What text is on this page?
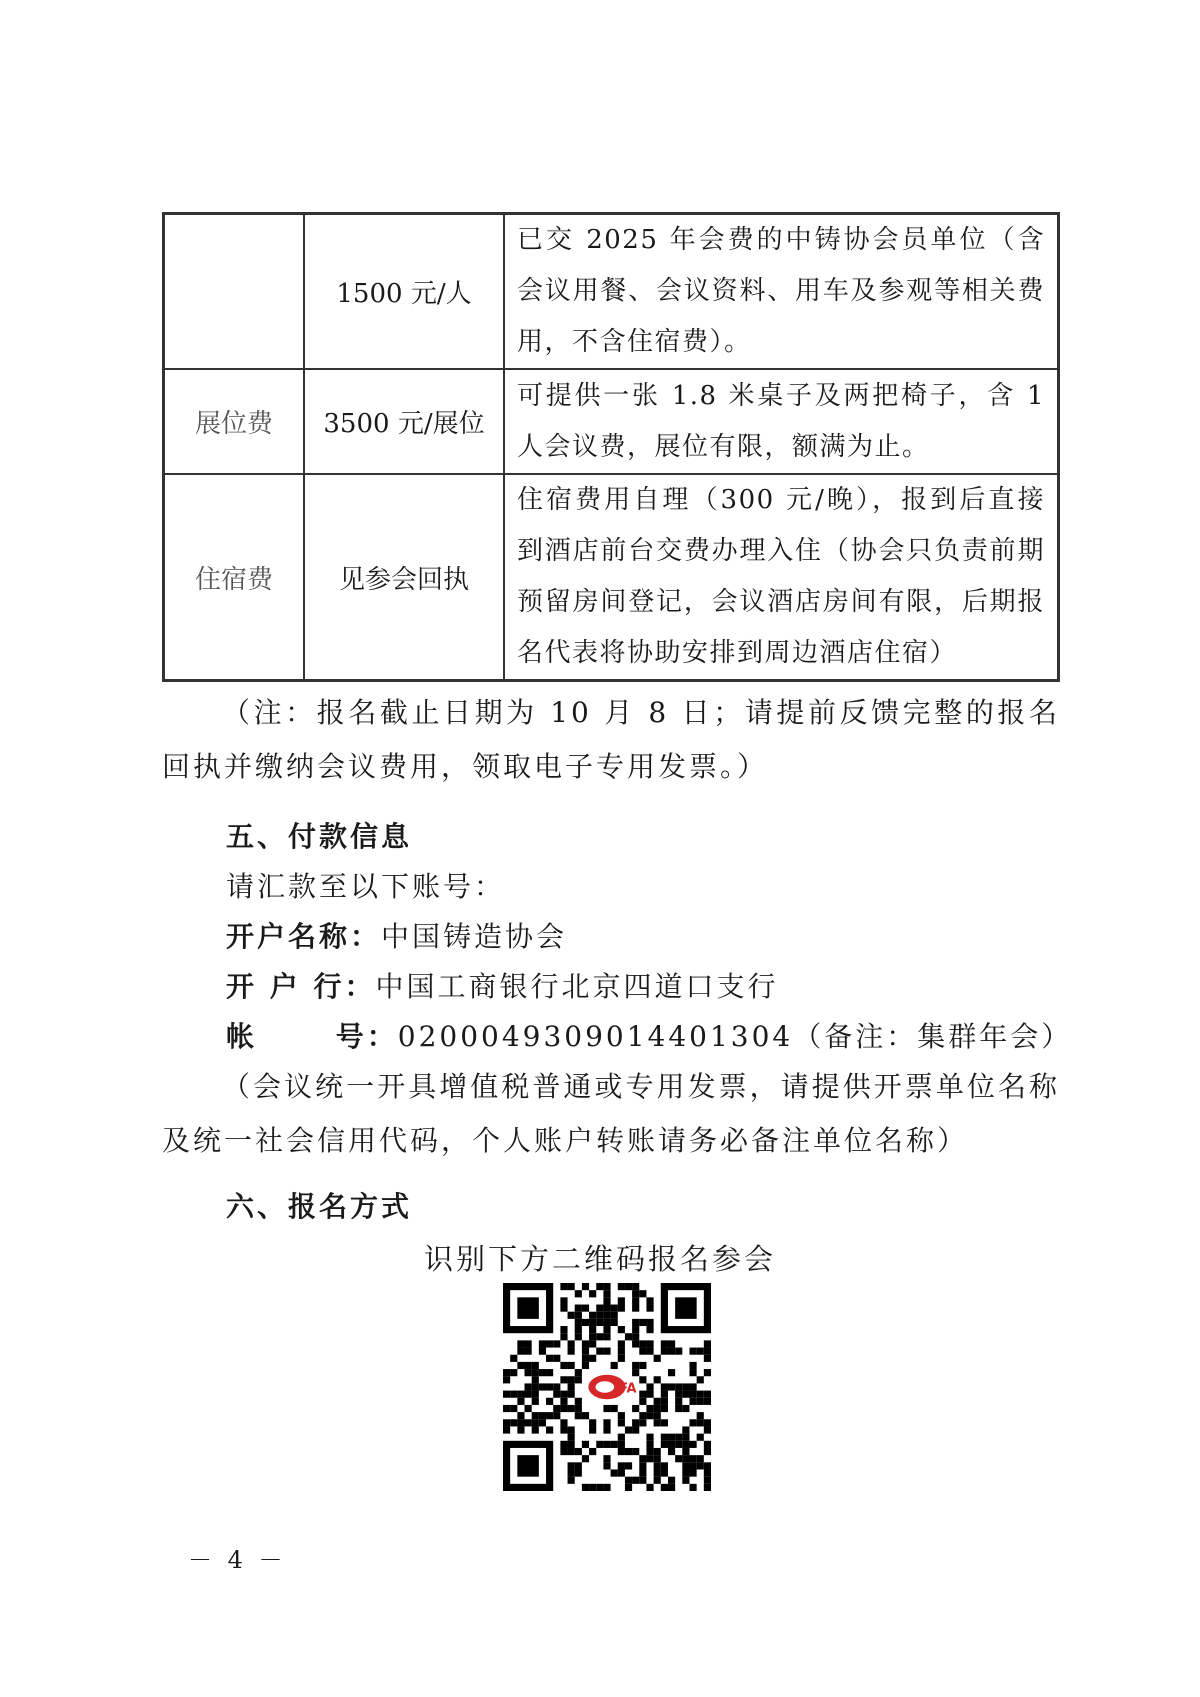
	1500 元/人	已交 2025 年会费的中铸协会员单位（含会议用餐、会议资料、用车及参观等相关费用，不含住宿费）。
展位费	3500 元/展位	可提供一张 1.8 米桌子及两把椅子，含 1 人会议费，展位有限，额满为止。
住宿费	见参会回执	住宿费用自理（300 元/晚），报到后直接到酒店前台交费办理入住（协会只负责前期预留房间登记，会议酒店房间有限，后期报名代表将协助安排到周边酒店住宿）
（注：报名截止日期为 10 月 8 日；请提前反馈完整的报名回执并缴纳会议费用，领取电子专用发票。）
五、付款信息
请汇款至以下账号：
开户名称：中国铸造协会
开 户 行：中国工商银行北京四道口支行
帐 号：0200049309014401304（备注：集群年会）
（会议统一开具增值税普通或专用发票，请提供开票单位名称及统一社会信用代码，个人账户转账请务必备注单位名称）
六、报名方式
识别下方二维码报名参会
FA
－ 4 －
